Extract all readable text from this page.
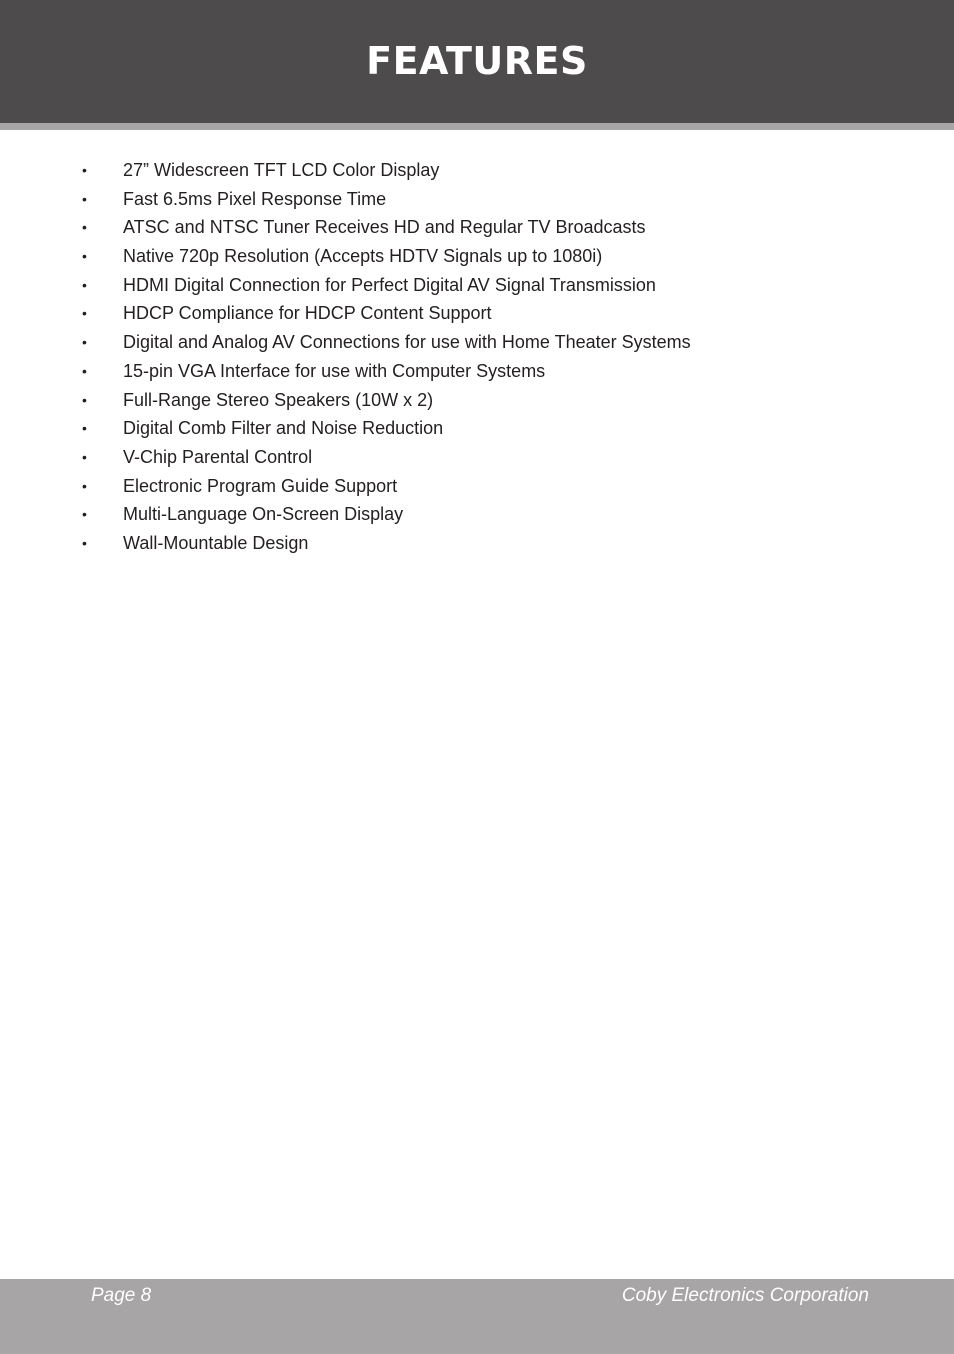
FEATURES
• 27” Widescreen TFT LCD Color Display
• Fast 6.5ms Pixel Response Time
• ATSC and NTSC Tuner Receives HD and Regular TV Broadcasts
• Native 720p Resolution (Accepts HDTV Signals up to 1080i)
• HDMI Digital Connection for Perfect Digital AV Signal Transmission
• HDCP Compliance for HDCP Content Support
• Digital and Analog AV Connections for use with Home Theater Systems
• 15-pin VGA Interface for use with Computer Systems
• Full-Range Stereo Speakers (10W x 2)
• Digital Comb Filter and Noise Reduction
• V-Chip Parental Control
• Electronic Program Guide Support
• Multi-Language On-Screen Display
• Wall-Mountable Design
Page 8	Coby Electronics Corporation
